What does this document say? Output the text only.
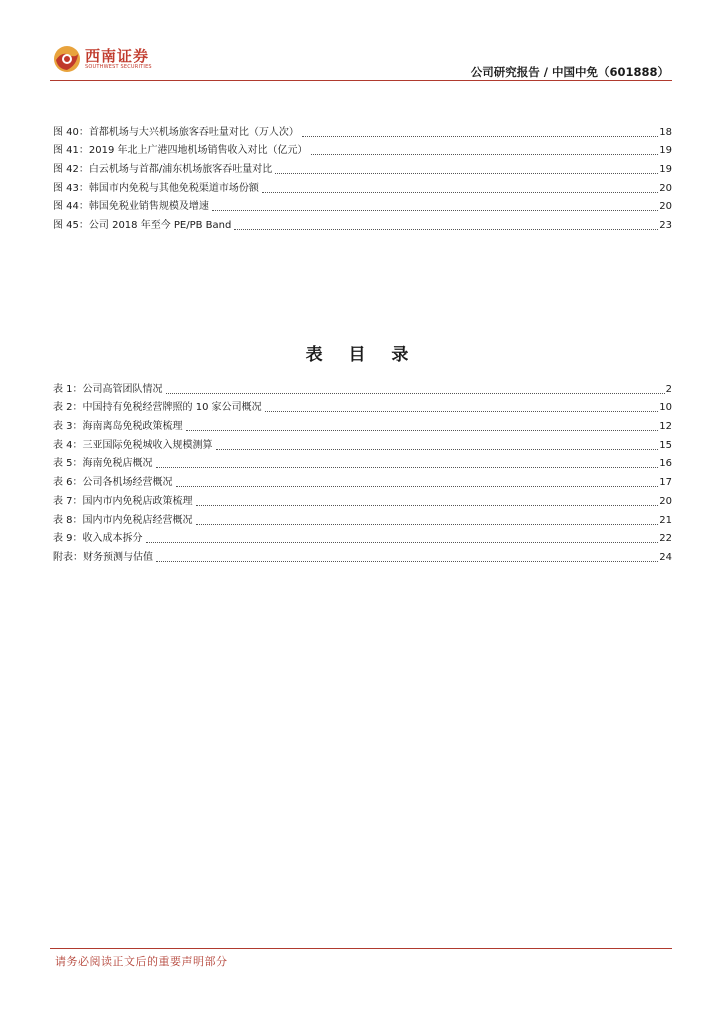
西南证券
SOUTHWEST SECURITIES	公司研究报告 / 中国中免（601888）
图 40：首都机场与大兴机场旅客吞吐量对比（万人次）	18
图 41：2019 年北上广港四地机场销售收入对比（亿元）	19
图 42：白云机场与首都/浦东机场旅客吞吐量对比	19
图 43：韩国市内免税与其他免税渠道市场份额	20
图 44：韩国免税业销售规模及增速	20
图 45：公司 2018 年至今 PE/PB Band	23
表 目 录
表 1：公司高管团队情况	2
表 2：中国持有免税经营牌照的 10 家公司概况	10
表 3：海南离岛免税政策梳理	12
表 4：三亚国际免税城收入规模测算	15
表 5：海南免税店概况	16
表 6：公司各机场经营概况	17
表 7：国内市内免税店政策梳理	20
表 8：国内市内免税店经营概况	21
表 9：收入成本拆分	22
附表：财务预测与估值	24
请务必阅读正文后的重要声明部分
